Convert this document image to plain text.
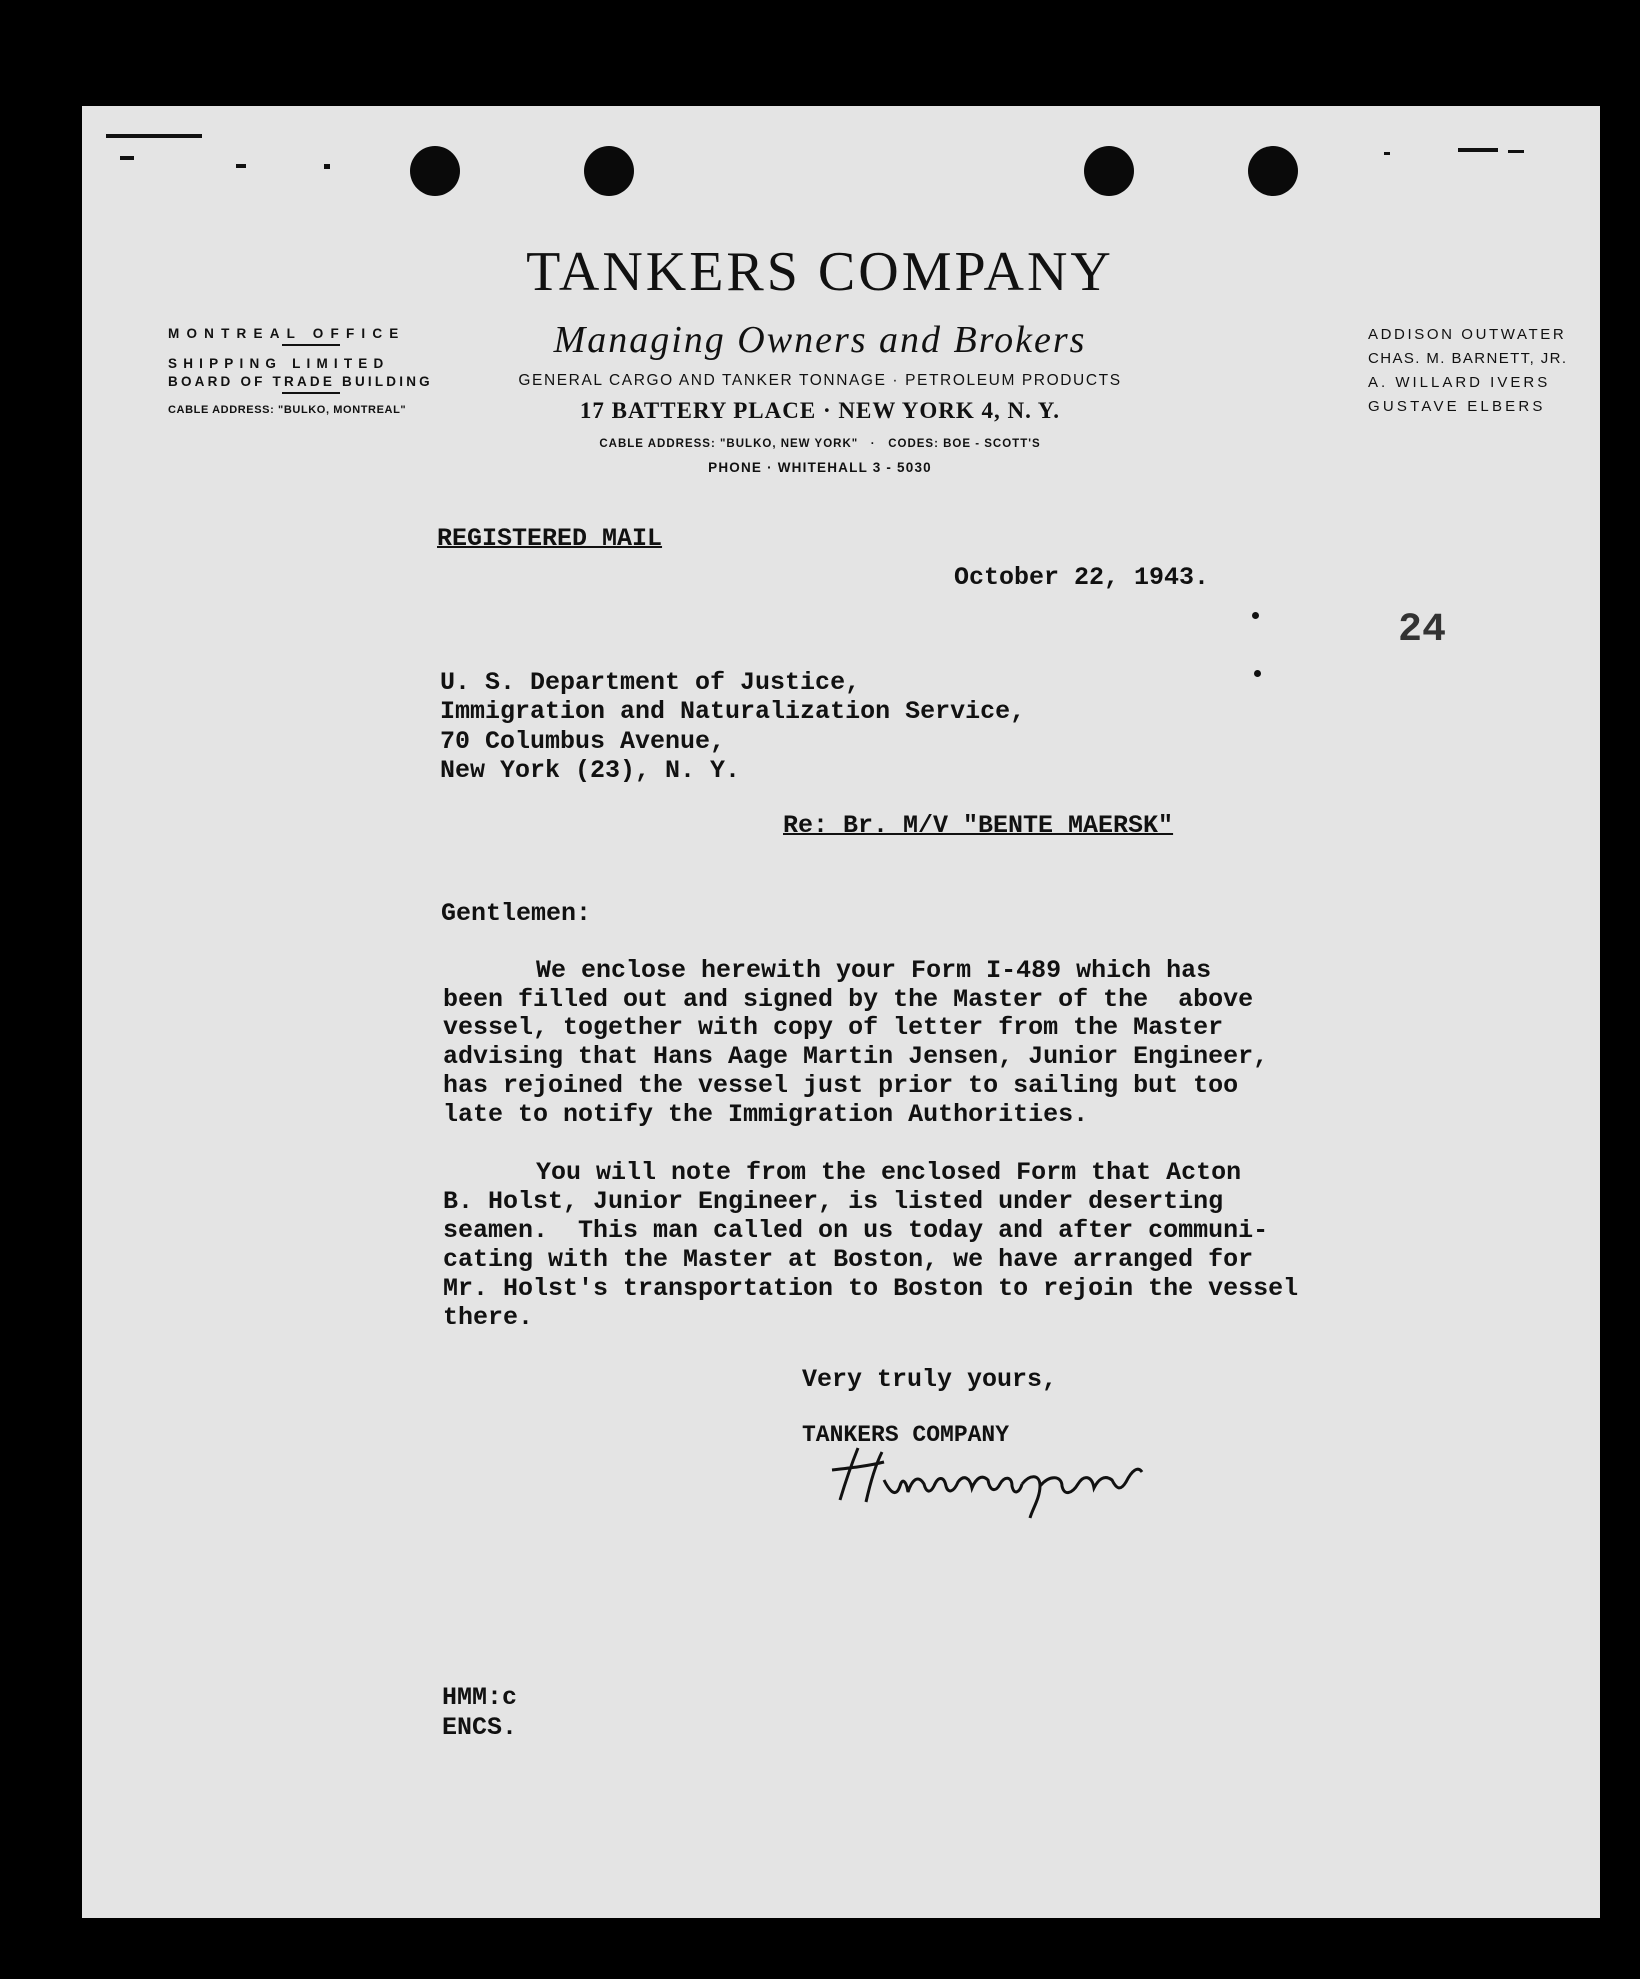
TANKERS COMPANY
Managing Owners and Brokers
GENERAL CARGO AND TANKER TONNAGE · PETROLEUM PRODUCTS
17 BATTERY PLACE · NEW YORK 4, N. Y.
CABLE ADDRESS: "BULKO, NEW YORK"   ·   CODES: BOE - SCOTT'S
PHONE · WHITEHALL 3 - 5030
MONTREAL OFFICE
SHIPPING LIMITED
BOARD OF TRADE BUILDING
CABLE ADDRESS: "BULKO, MONTREAL"
ADDISON OUTWATER
CHAS. M. BARNETT, JR.
A. WILLARD IVERS
GUSTAVE ELBERS
REGISTERED MAIL
October 22, 1943.
24
U. S. Department of Justice,
Immigration and Naturalization Service,
70 Columbus Avenue,
New York (23), N. Y.
Re: Br. M/V "BENTE MAERSK"
Gentlemen:
We enclose herewith your Form I-489 which has
been filled out and signed by the Master of the  above
vessel, together with copy of letter from the Master
advising that Hans Aage Martin Jensen, Junior Engineer,
has rejoined the vessel just prior to sailing but too
late to notify the Immigration Authorities.
You will note from the enclosed Form that Acton
B. Holst, Junior Engineer, is listed under deserting
seamen.  This man called on us today and after communi-
cating with the Master at Boston, we have arranged for
Mr. Holst's transportation to Boston to rejoin the vessel
there.
Very truly yours,
TANKERS COMPANY
HMM:c
ENCS.
